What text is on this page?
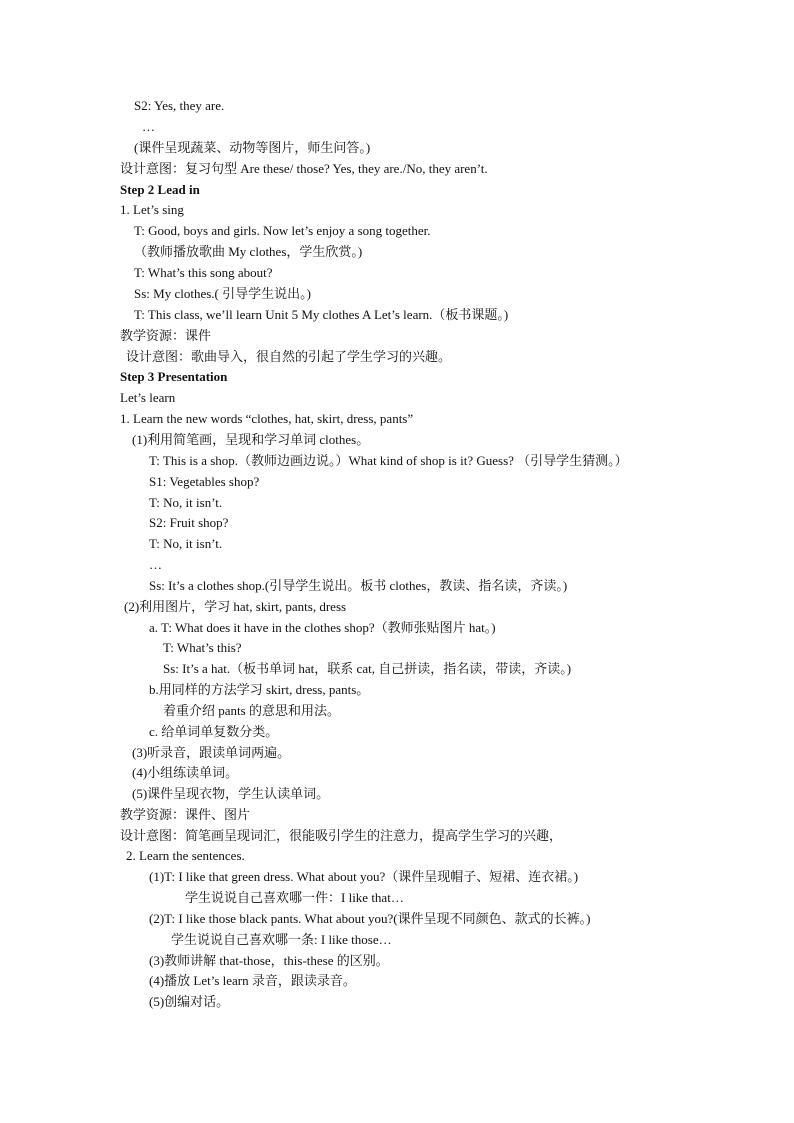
S2: Yes, they are.
…
(课件呈现蔬菜、动物等图片，师生问答。)
设计意图：复习句型 Are these/ those? Yes, they are./No, they aren’t.
Step 2 Lead in
1. Let’s sing
T: Good, boys and girls. Now let’s enjoy a song together.
（教师播放歌曲 My clothes，学生欣赏。)
T: What’s this song about?
Ss: My clothes.( 引导学生说出。)
T: This class, we’ll learn Unit 5 My clothes A Let’s learn.（板书课题。)
教学资源：课件
设计意图：歌曲导入，很自然的引起了学生学习的兴趣。
Step 3 Presentation
Let’s learn
1. Learn the new words “clothes, hat, skirt, dress, pants”
(1)利用简笔画，呈现和学习单词 clothes。
T: This is a shop.（教师边画边说。）What kind of shop is it? Guess? （引导学生猜测。）
S1: Vegetables shop?
T: No, it isn’t.
S2: Fruit shop?
T: No, it isn’t.
…
Ss: It’s a clothes shop.(引导学生说出。板书 clothes，教读、指名读，齐读。)
(2)利用图片，学习 hat, skirt, pants, dress
a. T: What does it have in the clothes shop?（教师张贴图片 hat。)
T: What’s this?
Ss: It’s a hat.（板书单词 hat，联系 cat, 自己拼读，指名读，带读，齐读。)
b.用同样的方法学习 skirt, dress, pants。
着重介绍 pants 的意思和用法。
c. 给单词单复数分类。
(3)听录音，跟读单词两遍。
(4)小组练读单词。
(5)课件呈现衣物，学生认读单词。
教学资源：课件、图片
设计意图：简笔画呈现词汇，很能吸引学生的注意力，提高学生学习的兴趣，
2. Learn the sentences.
(1)T: I like that green dress. What about you?（课件呈现帽子、短裙、连衣裙。)
学生说说自己喜欢哪一件：I like that…
(2)T: I like those black pants. What about you?(课件呈现不同颜色、款式的长裤。)
学生说说自己喜欢哪一条: I like those…
(3)教师讲解 that-those，this-these 的区别。
(4)播放 Let’s learn 录音，跟读录音。
(5)创编对话。
